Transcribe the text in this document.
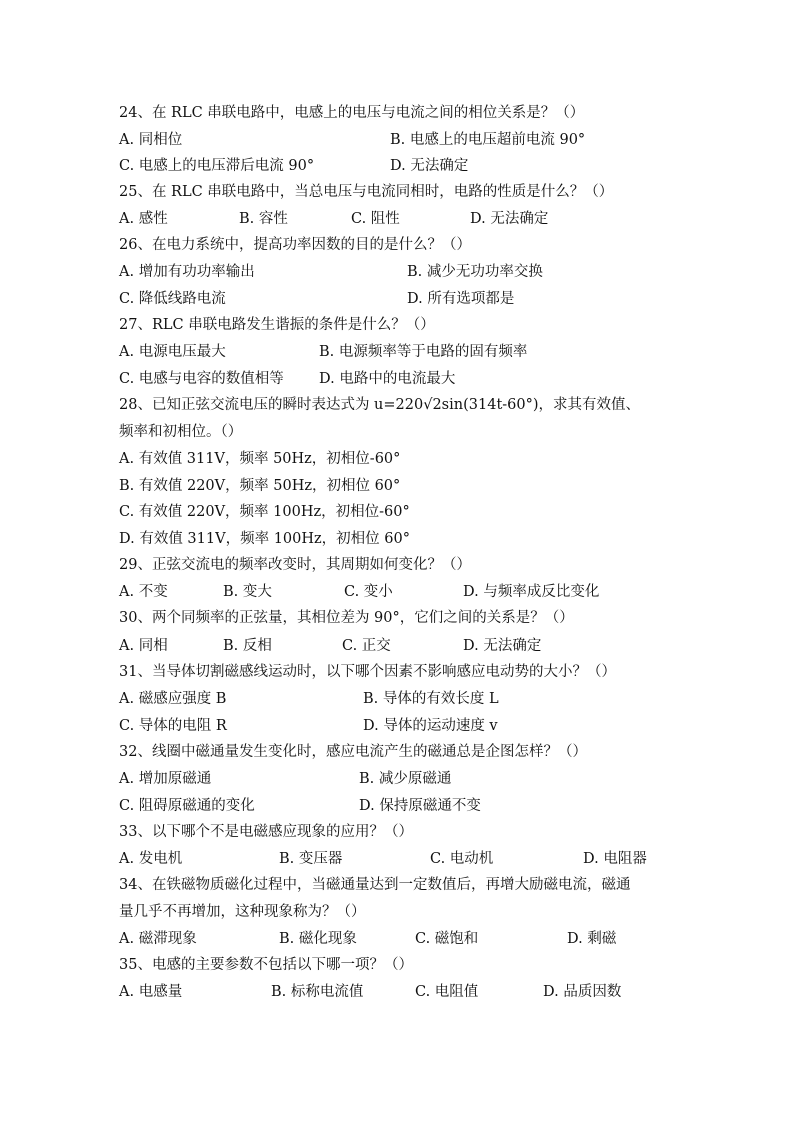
24、在 RLC 串联电路中，电感上的电压与电流之间的相位关系是？（）
A. 同相位	B. 电感上的电压超前电流 90°
C. 电感上的电压滞后电流 90°	D. 无法确定
25、在 RLC 串联电路中，当总电压与电流同相时，电路的性质是什么？（）
A. 感性	B. 容性	C. 阻性	D. 无法确定
26、在电力系统中，提高功率因数的目的是什么？（）
A. 增加有功功率输出	B. 减少无功功率交换
C. 降低线路电流	D. 所有选项都是
27、RLC 串联电路发生谐振的条件是什么？（）
A. 电源电压最大	B. 电源频率等于电路的固有频率
C. 电感与电容的数值相等 D. 电路中的电流最大
28、已知正弦交流电压的瞬时表达式为 u=220√2sin(314t-60°)，求其有效值、
频率和初相位。（）
A. 有效值 311V，频率 50Hz，初相位-60°
B. 有效值 220V，频率 50Hz，初相位 60°
C. 有效值 220V，频率 100Hz，初相位-60°
D. 有效值 311V，频率 100Hz，初相位 60°
29、正弦交流电的频率改变时，其周期如何变化？（）
A. 不变	B. 变大	C. 变小	D. 与频率成反比变化
30、两个同频率的正弦量，其相位差为 90°，它们之间的关系是？（）
A. 同相	B. 反相	C. 正交	D. 无法确定
31、当导体切割磁感线运动时，以下哪个因素不影响感应电动势的大小？（）
A. 磁感应强度 B	B. 导体的有效长度 L
C. 导体的电阻 R	D. 导体的运动速度 v
32、线圈中磁通量发生变化时，感应电流产生的磁通总是企图怎样？（）
A. 增加原磁通	B. 减少原磁通
C. 阻碍原磁通的变化	D. 保持原磁通不变
33、以下哪个不是电磁感应现象的应用？（）
A. 发电机	B. 变压器	C. 电动机	D. 电阻器
34、在铁磁物质磁化过程中，当磁通量达到一定数值后，再增大励磁电流，磁通
量几乎不再增加，这种现象称为？（）
A. 磁滞现象	B. 磁化现象	C. 磁饱和	D. 剩磁
35、电感的主要参数不包括以下哪一项？（）
A. 电感量	B. 标称电流值	C. 电阻值	D. 品质因数
